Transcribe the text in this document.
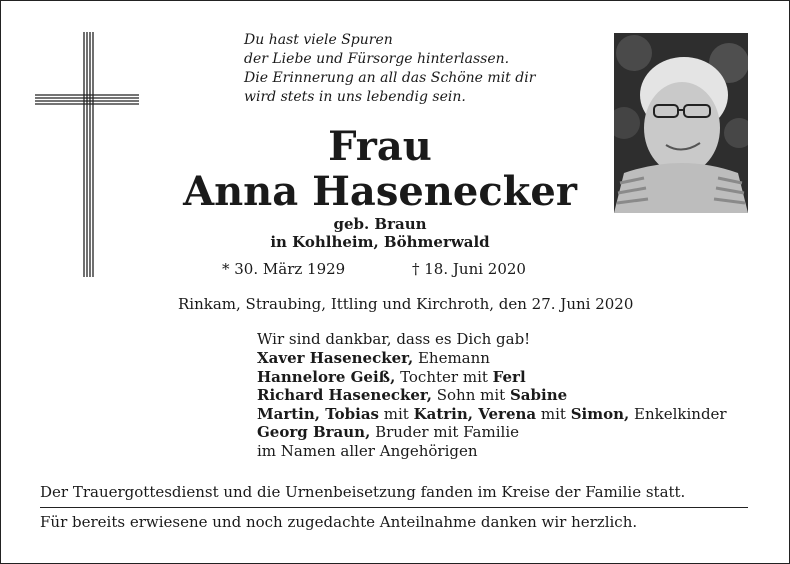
Du hast viele Spuren
der Liebe und Fürsorge hinterlassen.
Die Erinnerung an all das Schöne mit dir
wird stets in uns lebendig sein.
Frau
Anna Hasenecker
geb. Braun
in Kohlheim, Böhmerwald
* 30. März 1929	† 18. Juni 2020
Rinkam, Straubing, Ittling und Kirchroth, den 27. Juni 2020
Wir sind dankbar, dass es Dich gab!
Xaver Hasenecker, Ehemann
Hannelore Geiß, Tochter mit Ferl
Richard Hasenecker, Sohn mit Sabine
Martin, Tobias mit Katrin, Verena mit Simon, Enkelkinder
Georg Braun, Bruder mit Familie
im Namen aller Angehörigen
Der Trauergottesdienst und die Urnenbeisetzung fanden im Kreise der Familie statt.
Für bereits erwiesene und noch zugedachte Anteilnahme danken wir herzlich.
